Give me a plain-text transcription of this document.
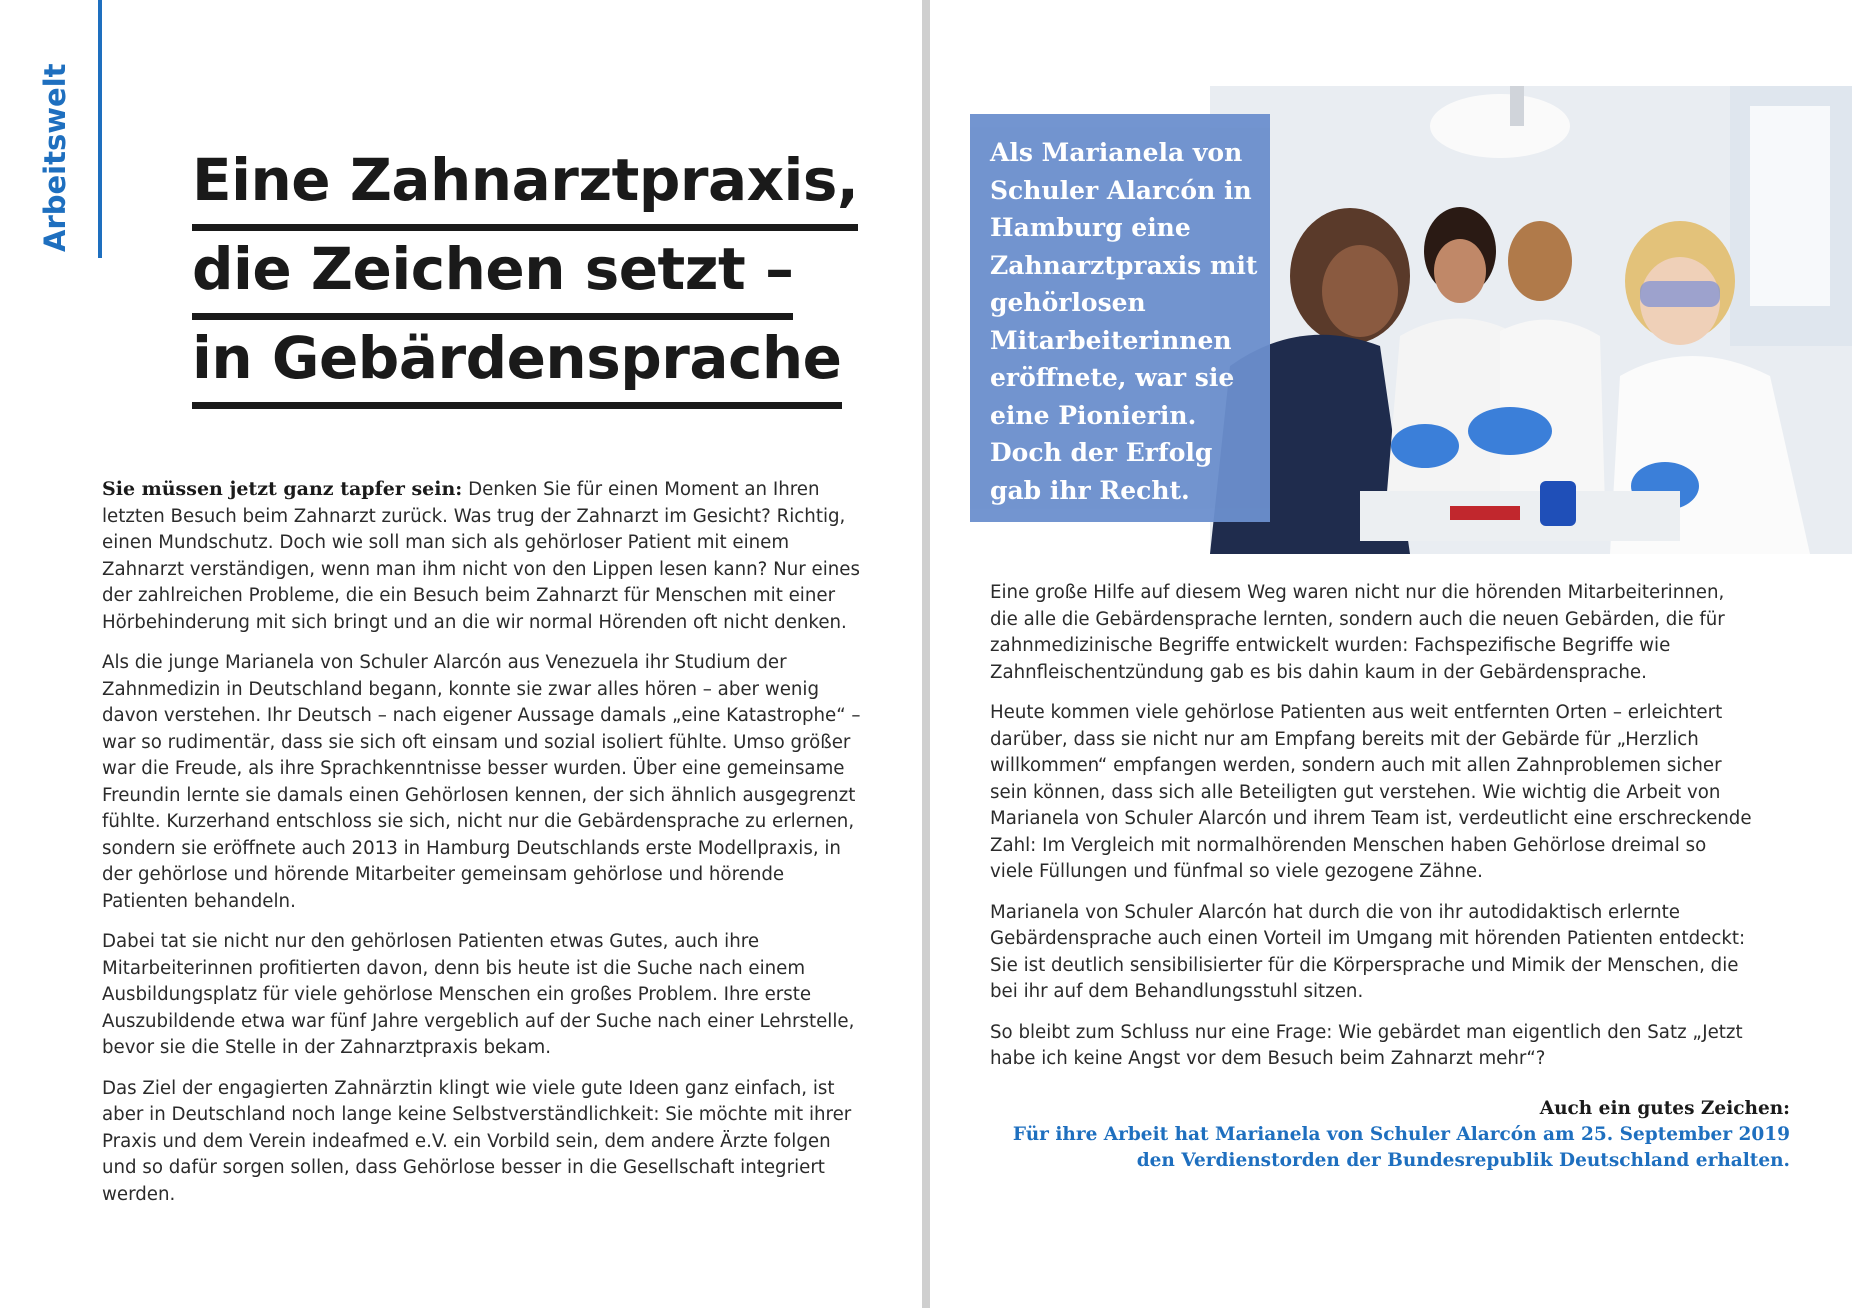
Arbeitswelt Eine Zahnarztpraxis,
die Zeichen setzt –
in Gebärdensprache

Sie müssen jetzt ganz tapfer sein: Denken Sie für einen Moment an Ihren letzten Besuch beim Zahnarzt zurück. Was trug der Zahnarzt im Gesicht? Richtig, einen Mundschutz. Doch wie soll man sich als gehörloser Patient mit einem Zahnarzt verständigen, wenn man ihm nicht von den Lippen lesen kann? Nur eines der zahlreichen Probleme, die ein Besuch beim Zahnarzt für Menschen mit einer Hörbehinderung mit sich bringt und an die wir normal Hörenden oft nicht denken.

Als die junge Marianela von Schuler Alarcón aus Venezuela ihr Studium der Zahnmedizin in Deutschland begann, konnte sie zwar alles hören – aber wenig davon verstehen. Ihr Deutsch – nach eigener Aussage damals „eine Katastrophe“ – war so rudimentär, dass sie sich oft einsam und sozial isoliert fühlte. Umso größer war die Freude, als ihre Sprachkenntnisse besser wurden. Über eine gemeinsame Freundin lernte sie damals einen Gehörlosen kennen, der sich ähnlich ausgegrenzt fühlte. Kurzerhand entschloss sie sich, nicht nur die Gebärdensprache zu erlernen, sondern sie eröffnete auch 2013 in Hamburg Deutschlands erste Modellpraxis, in der gehörlose und hörende Mitarbeiter gemeinsam gehörlose und hörende Patienten behandeln.

Dabei tat sie nicht nur den gehörlosen Patienten etwas Gutes, auch ihre Mitarbeiterinnen profitierten davon, denn bis heute ist die Suche nach einem Ausbildungsplatz für viele gehörlose Menschen ein großes Problem. Ihre erste Auszubildende etwa war fünf Jahre vergeblich auf der Suche nach einer Lehrstelle, bevor sie die Stelle in der Zahnarztpraxis bekam.

Das Ziel der engagierten Zahnärztin klingt wie viele gute Ideen ganz einfach, ist aber in Deutschland noch lange keine Selbstverständlichkeit: Sie möchte mit ihrer Praxis und dem Verein indeafmed e.V. ein Vorbild sein, dem andere Ärzte folgen und so dafür sorgen sollen, dass Gehörlose besser in die Gesellschaft integriert werden.

Als Marianela von Schuler Alarcón in Hamburg eine Zahnarztpraxis mit gehörlosen Mitarbeiterinnen eröffnete, war sie eine Pionierin. Doch der Erfolg gab ihr Recht.

Eine große Hilfe auf diesem Weg waren nicht nur die hörenden Mitarbeiterinnen, die alle die Gebärdensprache lernten, sondern auch die neuen Gebärden, die für zahnmedizinische Begriffe entwickelt wurden: Fachspezifische Begriffe wie Zahnfleischentzündung gab es bis dahin kaum in der Gebärdensprache.

Heute kommen viele gehörlose Patienten aus weit entfernten Orten – erleichtert darüber, dass sie nicht nur am Empfang bereits mit der Gebärde für „Herzlich willkommen“ empfangen werden, sondern auch mit allen Zahnproblemen sicher sein können, dass sich alle Beteiligten gut verstehen. Wie wichtig die Arbeit von Marianela von Schuler Alarcón und ihrem Team ist, verdeutlicht eine erschreckende Zahl: Im Vergleich mit normalhörenden Menschen haben Gehörlose dreimal so viele Füllungen und fünfmal so viele gezogene Zähne.

Marianela von Schuler Alarcón hat durch die von ihr autodidaktisch erlernte Gebärdensprache auch einen Vorteil im Umgang mit hörenden Patienten entdeckt: Sie ist deutlich sensibilisierter für die Körpersprache und Mimik der Menschen, die bei ihr auf dem Behandlungsstuhl sitzen.

So bleibt zum Schluss nur eine Frage: Wie gebärdet man eigentlich den Satz „Jetzt habe ich keine Angst vor dem Besuch beim Zahnarzt mehr“?

Auch ein gutes Zeichen:
Für ihre Arbeit hat Marianela von Schuler Alarcón am 25. September 2019
den Verdienstorden der Bundesrepublik Deutschland erhalten.
